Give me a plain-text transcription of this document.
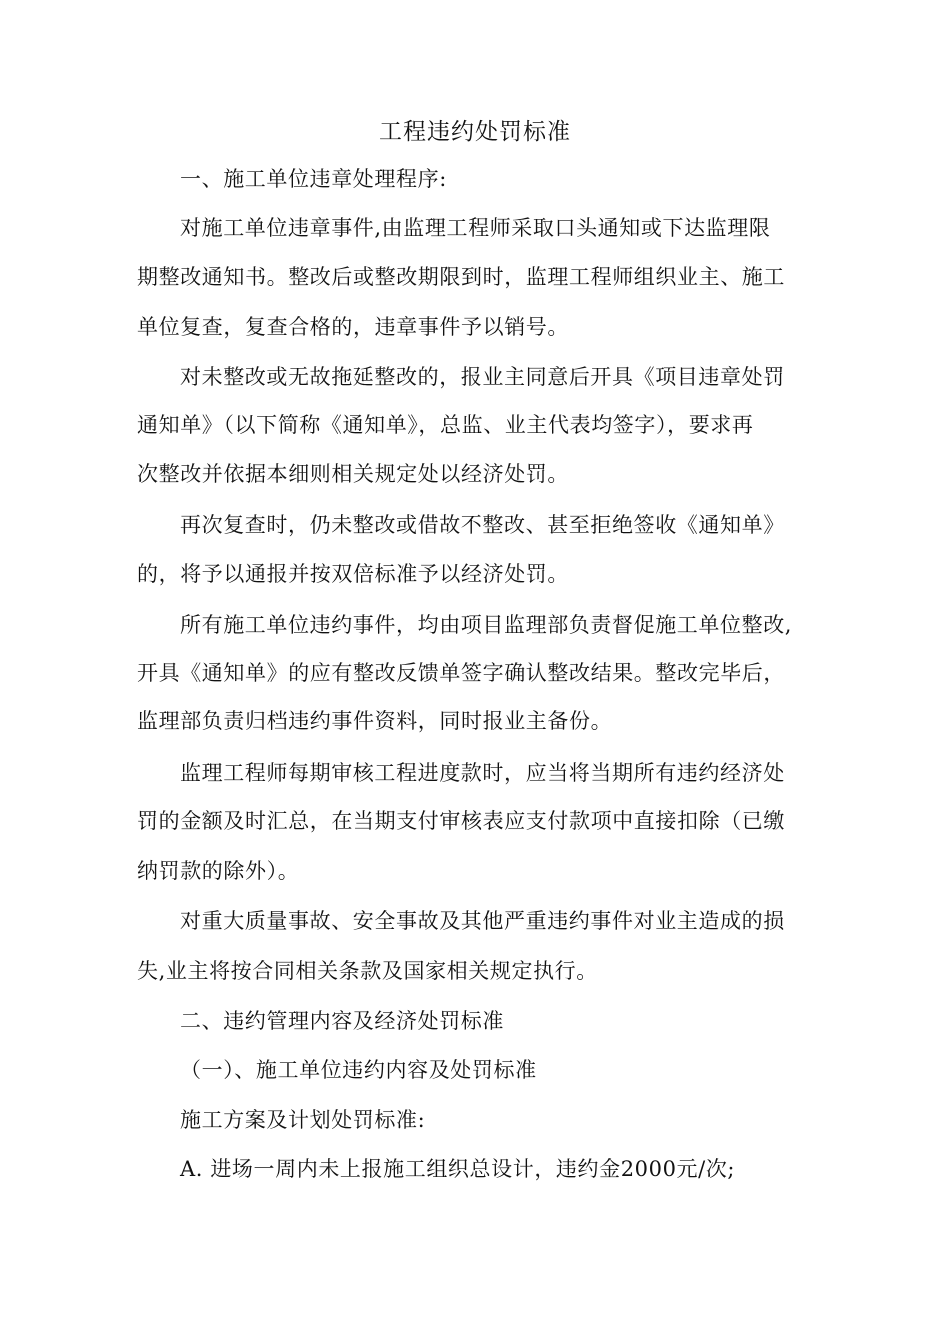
工程违约处罚标准
一、施工单位违章处理程序:
对施工单位违章事件,由监理工程师采取口头通知或下达监理限
期整改通知书。整改后或整改期限到时，监理工程师组织业主、施工
单位复查，复查合格的，违章事件予以销号。
对未整改或无故拖延整改的，报业主同意后开具《项目违章处罚
通知单》（以下简称《通知单》，总监、业主代表均签字），要求再
次整改并依据本细则相关规定处以经济处罚。
再次复查时，仍未整改或借故不整改、甚至拒绝签收《通知单》
的，将予以通报并按双倍标准予以经济处罚。
所有施工单位违约事件，均由项目监理部负责督促施工单位整改,
开具《通知单》的应有整改反馈单签字确认整改结果。整改完毕后，
监理部负责归档违约事件资料，同时报业主备份。
监理工程师每期审核工程进度款时，应当将当期所有违约经济处
罚的金额及时汇总，在当期支付审核表应支付款项中直接扣除（已缴
纳罚款的除外）。
对重大质量事故、安全事故及其他严重违约事件对业主造成的损
失,业主将按合同相关条款及国家相关规定执行。
二、违约管理内容及经济处罚标准
（一）、施工单位违约内容及处罚标准
施工方案及计划处罚标准:
A. 进场一周内未上报施工组织总设计，违约金2000元/次;
